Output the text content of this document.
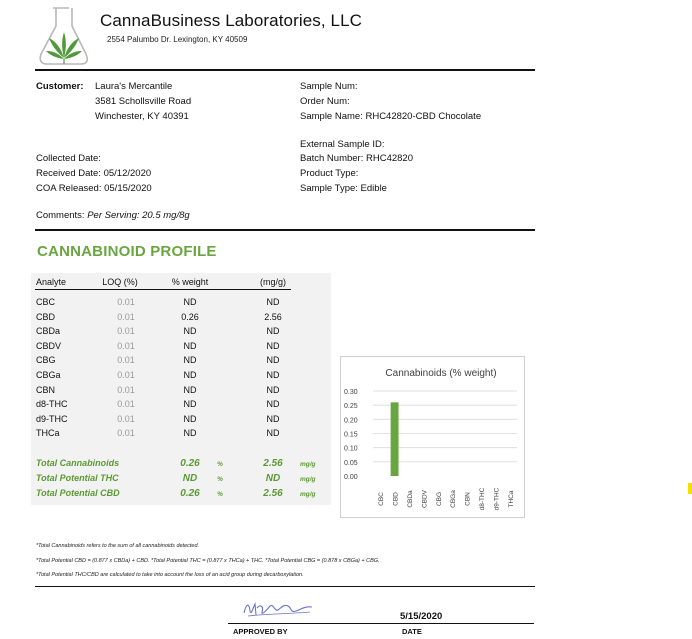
CannaBusiness Laboratories, LLC
2554 Palumbo Dr. Lexington, KY 40509
Customer: Laura's Mercantile
3581 Schollsville Road
Winchester, KY 40391
Sample Num:
Order Num:
Sample Name: RHC42820-CBD Chocolate
External Sample ID:
Batch Number: RHC42820
Product Type:
Sample Type: Edible
Collected Date:
Received Date: 05/12/2020
COA Released: 05/15/2020
Comments: Per Serving: 20.5 mg/8g
CANNABINOID PROFILE
Analyte	LOQ (%)	% weight	(mg/g)
CBC	0.01	ND	ND
CBD	0.01	0.26	2.56
CBDa	0.01	ND	ND
CBDV	0.01	ND	ND
CBG	0.01	ND	ND
CBGa	0.01	ND	ND
CBN	0.01	ND	ND
d8-THC	0.01	ND	ND
d9-THC	0.01	ND	ND
THCa	0.01	ND	ND
Total Cannabinoids	0.26	%	2.56	mg/g
Total Potential THC	ND	%	ND	mg/g
Total Potential CBD	0.26	%	2.56	mg/g
Cannabinoids (% weight)
0.00
0.05
0.10
0.15
0.20
0.25
0.30
CBC CBD CBDa CBDV CBG CBGa CBN d8-THC d9-THC THCa
*Total Cannabinoids refers to the sum of all cannabinoids detected.
*Total Potential CBD = (0.877 x CBDa) + CBD. *Total Potential THC = (0.877 x THCa) + THC. *Total Potential CBG = (0.878 x CBGa) + CBG.
*Total Potential THC/CBD are calculated to take into account the loss of an acid group during decarboxylation.
5/15/2020
APPROVED BY	DATE
